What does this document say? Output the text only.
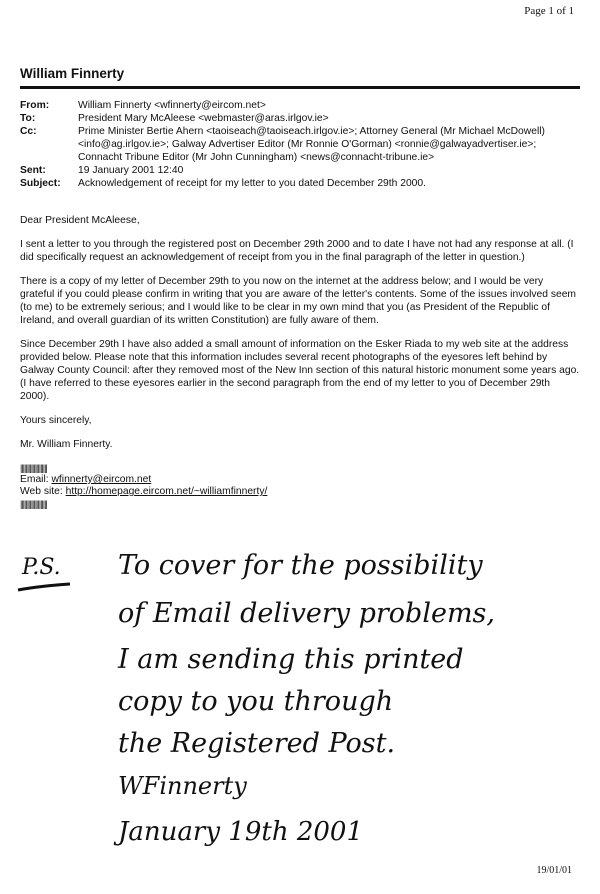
Page 1 of 1
William Finnerty
From:	William Finnerty <wfinnerty@eircom.net>
To:	President Mary McAleese <webmaster@aras.irlgov.ie>
Cc:	Prime Minister Bertie Ahern <taoiseach@taoiseach.irlgov.ie>; Attorney General (Mr Michael McDowell) <info@ag.irlgov.ie>; Galway Advertiser Editor (Mr Ronnie O'Gorman) <ronnie@galwayadvertiser.ie>; Connacht Tribune Editor (Mr John Cunningham) <news@connacht-tribune.ie>
Sent:	19 January 2001 12:40
Subject:	Acknowledgement of receipt for my letter to you dated December 29th 2000.

Dear President McAleese,

I sent a letter to you through the registered post on December 29th 2000 and to date I have not had any response at all. (I did specifically request an acknowledgement of receipt from you in the final paragraph of the letter in question.)

There is a copy of my letter of December 29th to you now on the internet at the address below; and I would be very grateful if you could please confirm in writing that you are aware of the letter's contents. Some of the issues involved seem (to me) to be extremely serious; and I would like to be clear in my own mind that you (as President of the Republic of Ireland, and overall guardian of its written Constitution) are fully aware of them.

Since December 29th I have also added a small amount of information on the Esker Riada to my web site at the address provided below. Please note that this information includes several recent photographs of the eyesores left behind by Galway County Council: after they removed most of the New Inn section of this natural historic monument some years ago. (I have referred to these eyesores earlier in the second paragraph from the end of my letter to you of December 29th 2000).

Yours sincerely,

Mr. William Finnerty.

||||||||||||||||||||
Email: wfinnerty@eircom.net
Web site: http://homepage.eircom.net/~williamfinnerty/
||||||||||||||||||||
P.S. To cover for the possibility
of Email delivery problems,
I am sending this printed
copy to you through
the Registered Post.
WFinnerty
January 19th 2001
19/01/01
